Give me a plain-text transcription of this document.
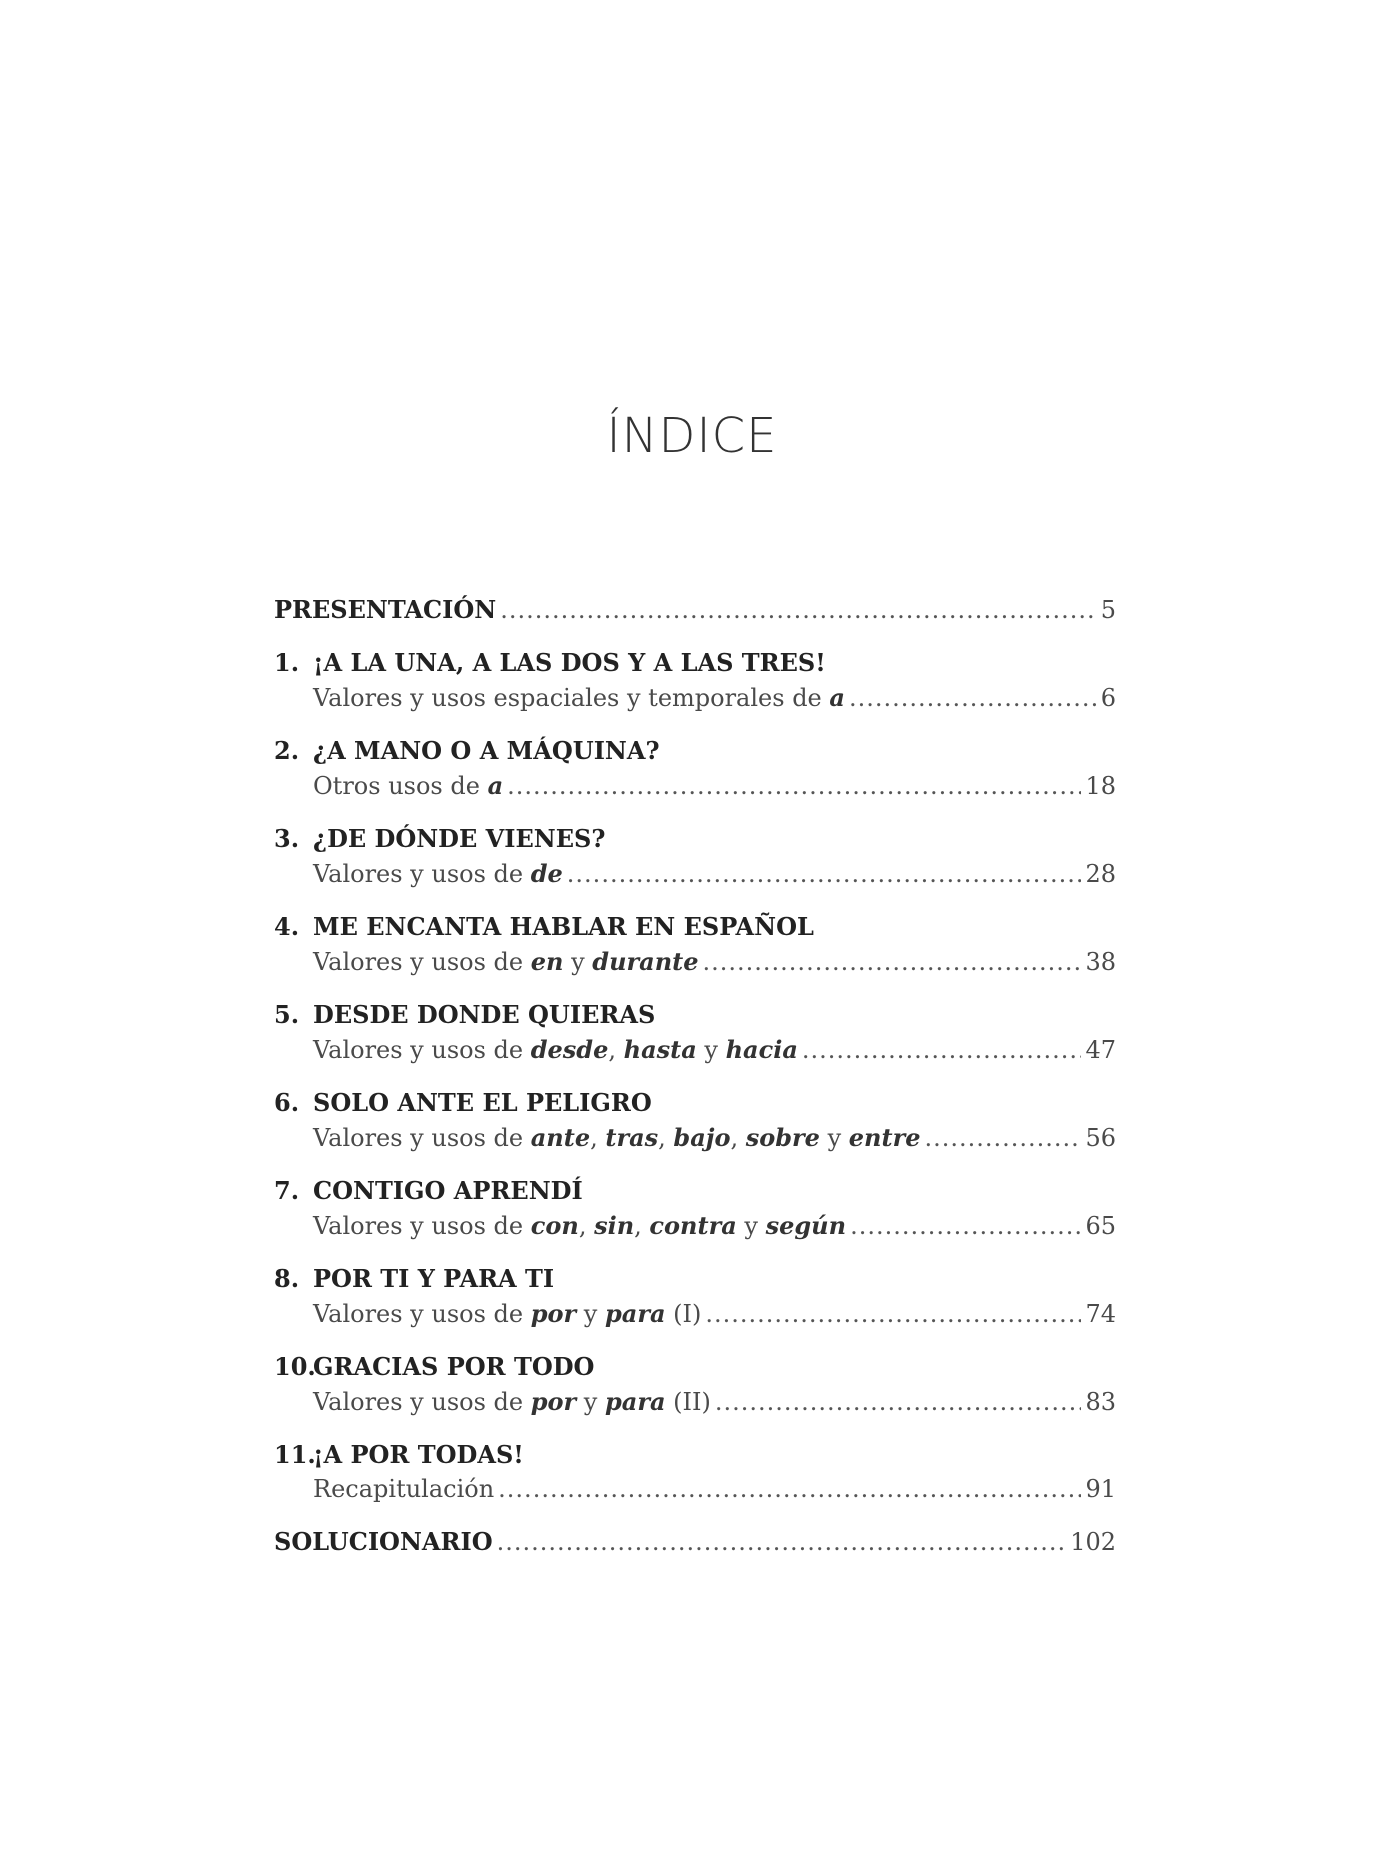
ÍNDICE
PRESENTACIÓN .....	5
1. ¡A LA UNA, A LAS DOS Y A LAS TRES!
Valores y usos espaciales y temporales de a .....	6
2. ¿A MANO O A MÁQUINA?
Otros usos de a .....	18
3. ¿DE DÓNDE VIENES?
Valores y usos de de .....	28
4. ME ENCANTA HABLAR EN ESPAÑOL
Valores y usos de en y durante .....	38
5. DESDE DONDE QUIERAS
Valores y usos de desde, hasta y hacia .....	47
6. SOLO ANTE EL PELIGRO
Valores y usos de ante, tras, bajo, sobre y entre .....	56
7. CONTIGO APRENDÍ
Valores y usos de con, sin, contra y según .....	65
8. POR TI Y PARA TI
Valores y usos de por y para (I) .....	74
10.
GRACIAS POR TODO
Valores y usos de por y para (II) .....	83
11.
¡A POR TODAS!
Recapitulación .....	91
SOLUCIONARIO .....	102
